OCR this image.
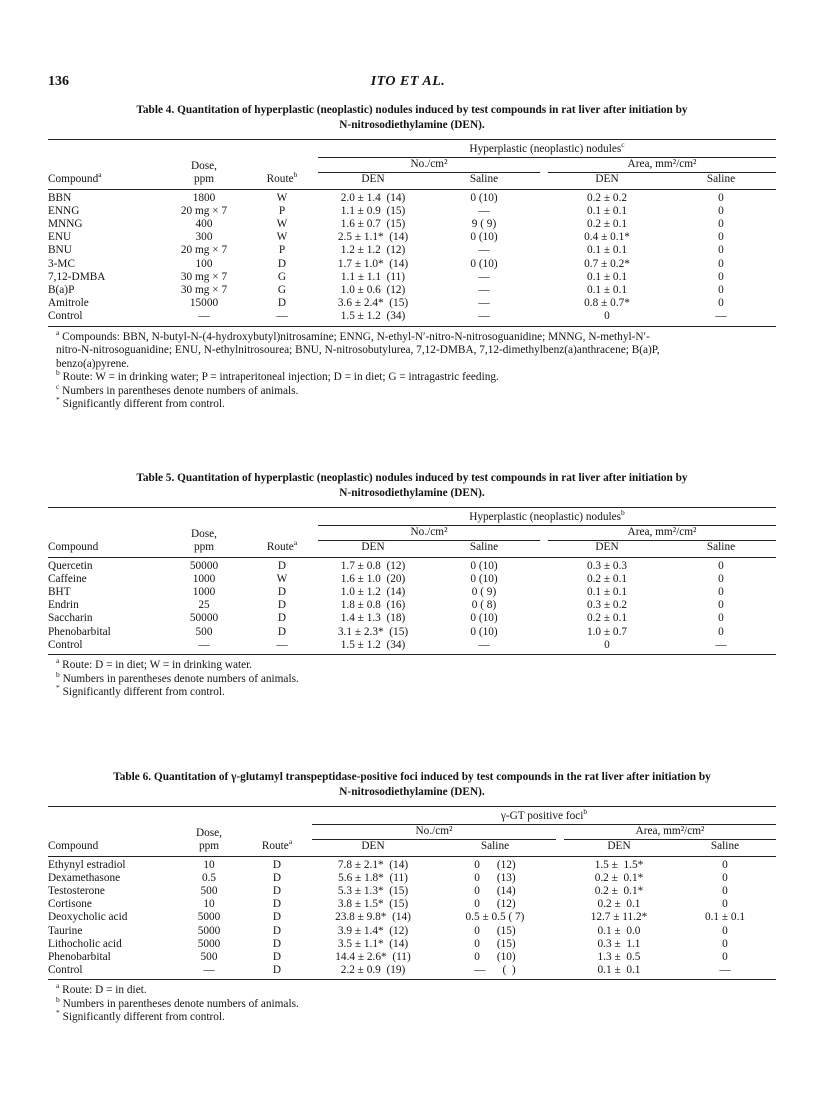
136	ITO ET AL.
Table 4. Quantitation of hyperplastic (neoplastic) nodules induced by test compounds in rat liver after initiation by
N-nitrosodiethylamine (DEN).
				Hyperplastic (neoplastic) nodules$^c$
	Dose,			No./cm²			Area, mm²/cm²	
Compound$^a$	ppm	Route$^b$		DEN	Saline		DEN	Saline
BBN	1800	W		2.0 ± 1.4  (14)	0 (10)		0.2 ± 0.2	0
ENNG	20 mg × 7	P		1.1 ± 0.9  (15)	—		0.1 ± 0.1	0
MNNG	400	W		1.6 ± 0.7  (15)	9 ( 9)		0.2 ± 0.1	0
ENU	300	W		2.5 ± 1.1*  (14)	0 (10)		0.4 ± 0.1*	0
BNU	20 mg × 7	P		1.2 ± 1.2  (12)	—		0.1 ± 0.1	0
3-MC	100	D		1.7 ± 1.0*  (14)	0 (10)		0.7 ± 0.2*	0
7,12-DMBA	30 mg × 7	G		1.1 ± 1.1  (11)	—		0.1 ± 0.1	0
B(a)P	30 mg × 7	G		1.0 ± 0.6  (12)	—		0.1 ± 0.1	0
Amitrole	15000	D		3.6 ± 2.4*  (15)	—		0.8 ± 0.7*	0
Control	—	—		1.5 ± 1.2  (34)	—		0	—
$^a$ Compounds: BBN, N-butyl-N-(4-hydroxybutyl)nitrosamine; ENNG, N-ethyl-N′-nitro-N-nitrosoguanidine; MNNG, N-methyl-N′-
nitro-N-nitrosoguanidine; ENU, N-ethylnitrosourea; BNU, N-nitrosobutylurea, 7,12-DMBA, 7,12-dimethylbenz(a)anthracene; B(a)P,
benzo(a)pyrene.
$^b$ Route: W = in drinking water; P = intraperitoneal injection; D = in diet; G = intragastric feeding.
$^c$ Numbers in parentheses denote numbers of animals.
* Significantly different from control.
Table 5. Quantitation of hyperplastic (neoplastic) nodules induced by test compounds in rat liver after initiation by
N-nitrosodiethylamine (DEN).
				Hyperplastic (neoplastic) nodules$^b$
	Dose,			No./cm²			Area, mm²/cm²	
Compound	ppm	Route$^a$		DEN	Saline		DEN	Saline
Quercetin	50000	D		1.7 ± 0.8  (12)	0 (10)		0.3 ± 0.3	0
Caffeine	1000	W		1.6 ± 1.0  (20)	0 (10)		0.2 ± 0.1	0
BHT	1000	D		1.0 ± 1.2  (14)	0 ( 9)		0.1 ± 0.1	0
Endrin	25	D		1.8 ± 0.8  (16)	0 ( 8)		0.3 ± 0.2	0
Saccharin	50000	D		1.4 ± 1.3  (18)	0 (10)		0.2 ± 0.1	0
Phenobarbital	500	D		3.1 ± 2.3*  (15)	0 (10)		1.0 ± 0.7	0
Control	—	—		1.5 ± 1.2  (34)	—		0	—
$^a$ Route: D = in diet; W = in drinking water.
$^b$ Numbers in parentheses denote numbers of animals.
* Significantly different from control.
Table 6. Quantitation of γ-glutamyl transpeptidase-positive foci induced by test compounds in the rat liver after initiation by
N-nitrosodiethylamine (DEN).
				γ-GT positive foci$^b$
	Dose,			No./cm²			Area, mm²/cm²	
Compound	ppm	Route$^a$		DEN	Saline		DEN	Saline
Ethynyl estradiol	10	D		7.8 ± 2.1*  (14)	0      (12)		1.5 ±  1.5*	0
Dexamethasone	0.5	D		5.6 ± 1.8*  (11)	0      (13)		0.2 ±  0.1*	0
Testosterone	500	D		5.3 ± 1.3*  (15)	0      (14)		0.2 ±  0.1*	0
Cortisone	10	D		3.8 ± 1.5*  (15)	0      (12)		0.2 ±  0.1	0
Deoxycholic acid	5000	D		23.8 ± 9.8*  (14)	0.5 ± 0.5 ( 7)		12.7 ± 11.2*	0.1 ± 0.1
Taurine	5000	D		3.9 ± 1.4*  (12)	0      (15)		0.1 ±  0.0	0
Lithocholic acid	5000	D		3.5 ± 1.1*  (14)	0      (15)		0.3 ±  1.1	0
Phenobarbital	500	D		14.4 ± 2.6*  (11)	0      (10)		1.3 ±  0.5	0
Control	—	D		2.2 ± 0.9  (19)	—      (  )		0.1 ±  0.1	—
$^a$ Route: D = in diet.
$^b$ Numbers in parentheses denote numbers of animals.
* Significantly different from control.
